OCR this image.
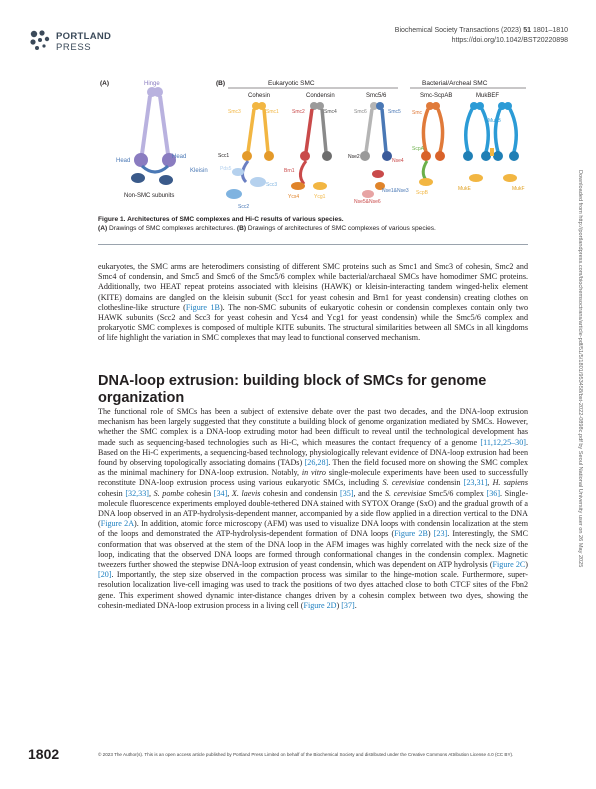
PORTLAND
PRESS
Biochemical Society Transactions (2023) 51 1801–1810
https://doi.org/10.1042/BST20220898
(A)	Hinge
Head
Head
Kleisin
Non-SMC subunits
(B)	Eukaryotic SMC	Bacterial/Archeal SMC
Cohesin	Condensin	Smc5/6	Smc-ScpAB	MukBEF
Smc3	Smc1
Scc1
Pds5
Scc3
Scc2
Smc2	Smc4
Brn1
Ycs4	Ycg1
Smc6	Smc5
Nse2
Nse4
Nse1&Nse3
Nse5&Nse6
Smc
ScpA
ScpB
MukB
MukE	MukF
Figure 1. Architectures of SMC complexes and Hi-C results of various species.
(A) Drawings of SMC complexes architectures. (B) Drawings of architectures of SMC complexes of various species.
eukaryotes, the SMC arms are heterodimers consisting of different SMC proteins such as Smc1 and Smc3 of cohesin, Smc2 and Smc4 of condensin, and Smc5 and Smc6 of the Smc5/6 complex while bacterial/archaeal SMCs have homodimer SMC proteins. Additionally, two HEAT repeat proteins associated with kleisins (HAWK) or kleisin-interacting tandem winged-helix element (KITE) domains are dangled on the kleisin subunit (Scc1 for yeast cohesin and Brn1 for yeast condensin) creating clothes on clothesline-like structure (Figure 1B). The non-SMC subunits of eukaryotic cohesin or condensin complexes contain only two HAWK subunits (Scc2 and Scc3 for yeast cohesin and Ycs4 and Ycg1 for yeast condensin) while the Smc5/6 complex and prokaryotic SMC complexes is composed of multiple KITE subunits. The structural similarities between all SMCs in all kingdoms of life highlight the variation in SMC complexes that may lead to functional conserved mechanism.
DNA-loop extrusion: building block of SMCs for genome organization
The functional role of SMCs has been a subject of extensive debate over the past two decades, and the DNA-loop extrusion mechanism has been largely suggested that they constitute a building block of genome organization mediated by SMCs. However, whether the SMC complex is a DNA-loop extruding motor had been difficult to reveal until the technological development has made such as sequencing-based technologies such as Hi-C, which measures the contact frequency of a genome [11,12,25–30]. Based on the Hi-C experiments, a sequencing-based technology, physiologically relevant evidence of DNA-loop extrusion had been found by observing topologically associating domains (TADs) [26,28]. Then the field focused more on showing the SMC complex as the minimal machinery for DNA-loop extrusion. Notably, in vitro single-molecule experiments have been used to successfully reconstitute DNA-loop extrusion process using various eukaryotic SMCs, including S. cerevisiae condensin [23,31], H. sapiens cohesin [32,33], S. pombe cohesin [34], X. laevis cohesin and condensin [35], and the S. cerevisiae Smc5/6 complex [36]. Single-molecule fluorescence experiments employed double-tethered DNA stained with SYTOX Orange (SxO) and the gradual growth of a DNA loop observed in an ATP-hydrolysis-dependent manner, accompanied by a side flow applied in a direction vertical to the DNA (Figure 2A). In addition, atomic force microscopy (AFM) was used to visualize DNA loops with condensin localization at the stem of the loops and demonstrated the ATP-hydrolysis-dependent formation of DNA loops (Figure 2B) [23]. Interestingly, the SMC conformation that was observed at the stem of the DNA loop in the AFM images was highly correlated with the neck size of the loop, indicating that the observed DNA loops are formed through conformational changes in the condensin complex. Magnetic tweezers further showed the stepwise DNA-loop extrusion of yeast condensin, which was dependent on ATP hydrolysis (Figure 2C) [20]. Importantly, the step size observed in the compaction process was similar to the hinge-motion scale. Furthermore, super-resolution localization live-cell imaging was used to track the positions of two dyes attached close to both CTCF sites of the Fbn2 gene. This experiment showed dynamic inter-distance changes driven by a cohesin complex between two dyes, showing the cohesin-mediated DNA-loop extrusion process in a living cell (Figure 2D) [37].
Downloaded from http://portlandpress.com/biochemsoctrans/article-pdf/51/5/1801/953458/bst-2022-0898c.pdf by Seoul National University user on 26 May 2025
1802	© 2023 The Author(s). This is an open access article published by Portland Press Limited on behalf of the Biochemical Society and distributed under the Creative Commons Attribution License 4.0 (CC BY).
